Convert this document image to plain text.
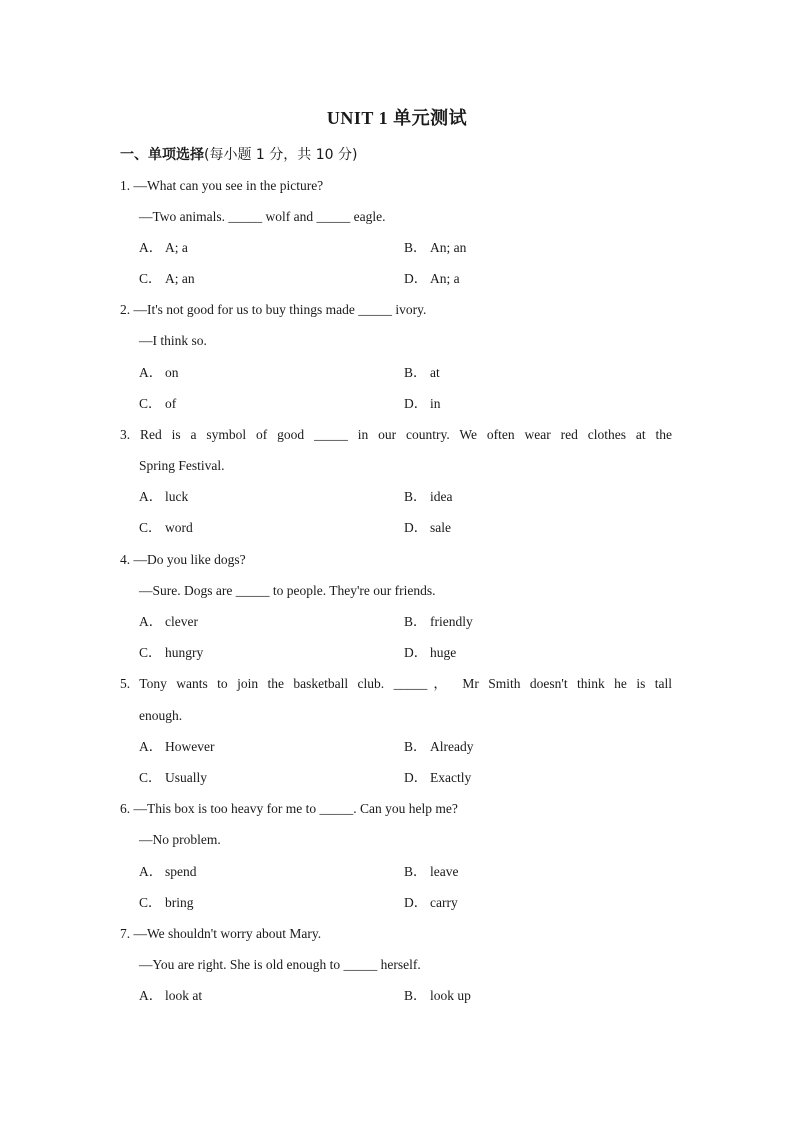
UNIT 1 单元测试
一、单项选择(每小题 1 分，共 10 分)
1. —What can you see in the picture?
—Two animals. _____ wolf and _____ eagle.
A． A; a	B． An; an
C． A; an	D． An; a
2. —It's not good for us to buy things made _____ ivory.
—I think so.
A． on	B． at
C． of	D． in
3. Red is a symbol of good _____ in our country. We often wear red clothes at the
Spring Festival.
A． luck	B． idea
C． word	D． sale
4. —Do you like dogs?
—Sure. Dogs are _____ to people. They're our friends.
A． clever	B． friendly
C． hungry	D． huge
5. Tony wants to join the basketball club. _____， Mr Smith doesn't think he is tall
enough.
A． However	B． Already
C． Usually	D． Exactly
6. —This box is too heavy for me to _____. Can you help me?
—No problem.
A． spend	B． leave
C． bring	D． carry
7. —We shouldn't worry about Mary.
—You are right. She is old enough to _____ herself.
A． look at	B． look up
